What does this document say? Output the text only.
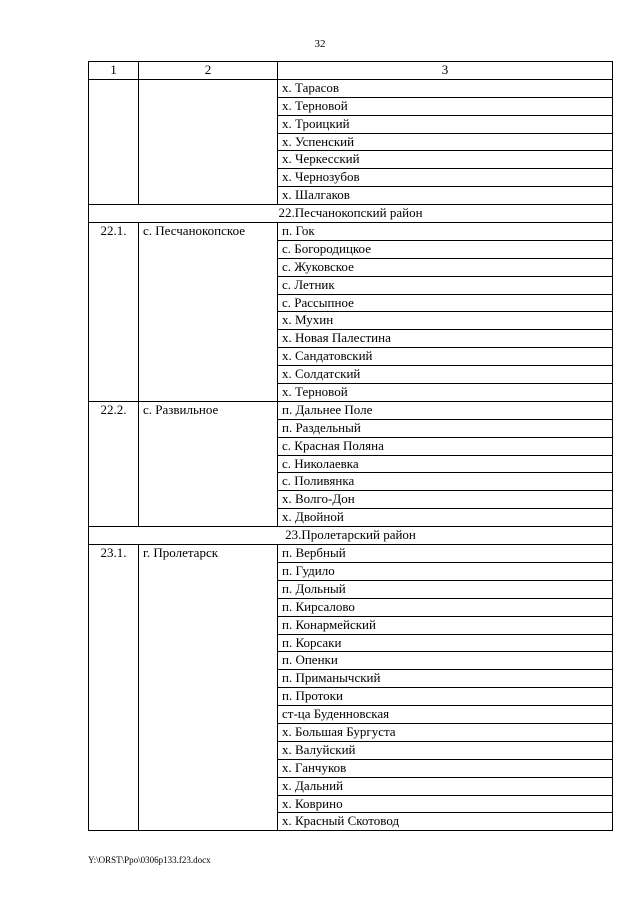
32
1	2	3
		х. Тарасов
		х. Терновой
		х. Троицкий
		х. Успенский
		х. Черкесский
		х. Чернозубов
		х. Шалгаков
22.Песчанокопский район		
22.1.	с. Песчанокопское	п. Гок
		с. Богородицкое
		с. Жуковское
		с. Летник
		с. Рассыпное
		х. Мухин
		х. Новая Палестина
		х. Сандатовский
		х. Солдатский
		х. Терновой
22.2.	с. Развильное	п. Дальнее Поле
		п. Раздельный
		с. Красная Поляна
		с. Николаевка
		с. Поливянка
		х. Волго-Дон
		х. Двойной
23.Пролетарский район		
23.1.	г. Пролетарск	п. Вербный
		п. Гудило
		п. Дольный
		п. Кирсалово
		п. Конармейский
		п. Корсаки
		п. Опенки
		п. Приманычский
		п. Протоки
		ст-ца Буденновская
		х. Большая Бургуста
		х. Валуйский
		х. Ганчуков
		х. Дальний
		х. Коврино
		х. Красный Скотовод
Y:\ORST\Ppo\0306p133.f23.docx
